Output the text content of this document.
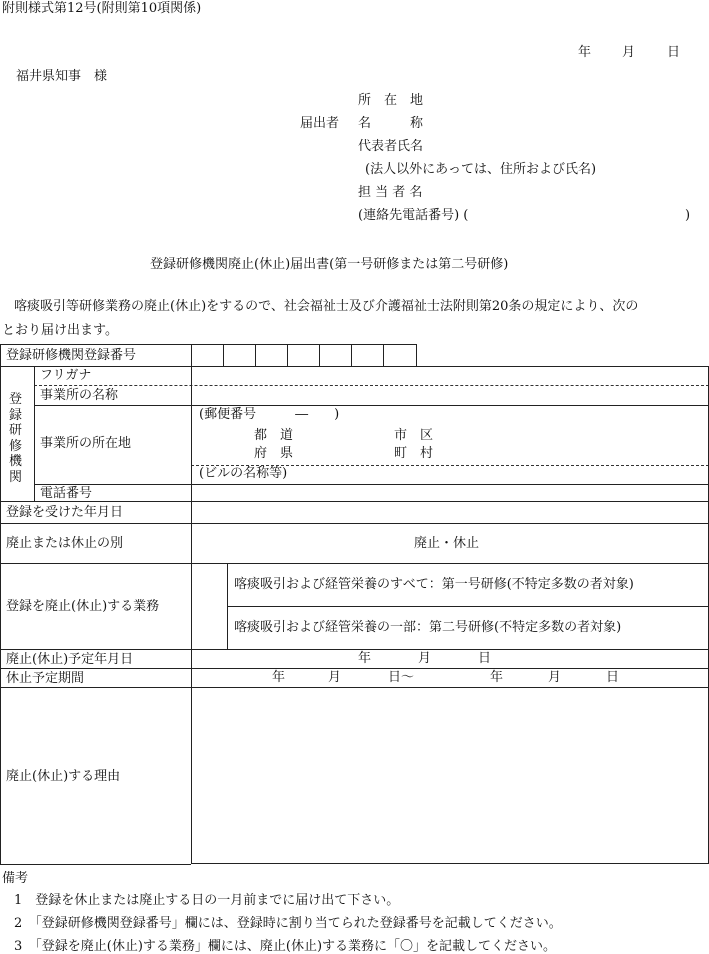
附則様式第12号(附則第10項関係)
年 月 日
福井県知事　様
所　在　地
届出者 名　　　称
代表者氏名
(法人以外にあっては、住所および氏名)
担 当 者 名
(連絡先電話番号) (	)
登録研修機関廃止(休止)届出書(第一号研修または第二号研修)
喀痰吸引等研修業務の廃止(休止)をするので、社会福祉士及び介護福祉士法附則第20条の規定により、次の
とおり届け出ます。
登録研修機関登録番号
登
録
研
修
機
関
フリガナ
事業所の名称
事業所の所在地
(郵便番号　　　―　　)
都　道
府　県
市　区
町　村
(ビルの名称等)
電話番号
登録を受けた年月日
廃止または休止の別	廃止・休止
登録を廃止(休止)する業務
喀痰吸引および経管栄養のすべて：第一号研修(不特定多数の者対象)
喀痰吸引および経管栄養の一部：第二号研修(不特定多数の者対象)
廃止(休止)予定年月日	年	月	日
休止予定期間	年	月	日～	年	月	日
廃止(休止)する理由
備考
1　登録を休止または廃止する日の一月前までに届け出て下さい。
2　「登録研修機関登録番号」欄には、登録時に割り当てられた登録番号を記載してください。
3　「登録を廃止(休止)する業務」欄には、廃止(休止)する業務に「〇」を記載してください。
